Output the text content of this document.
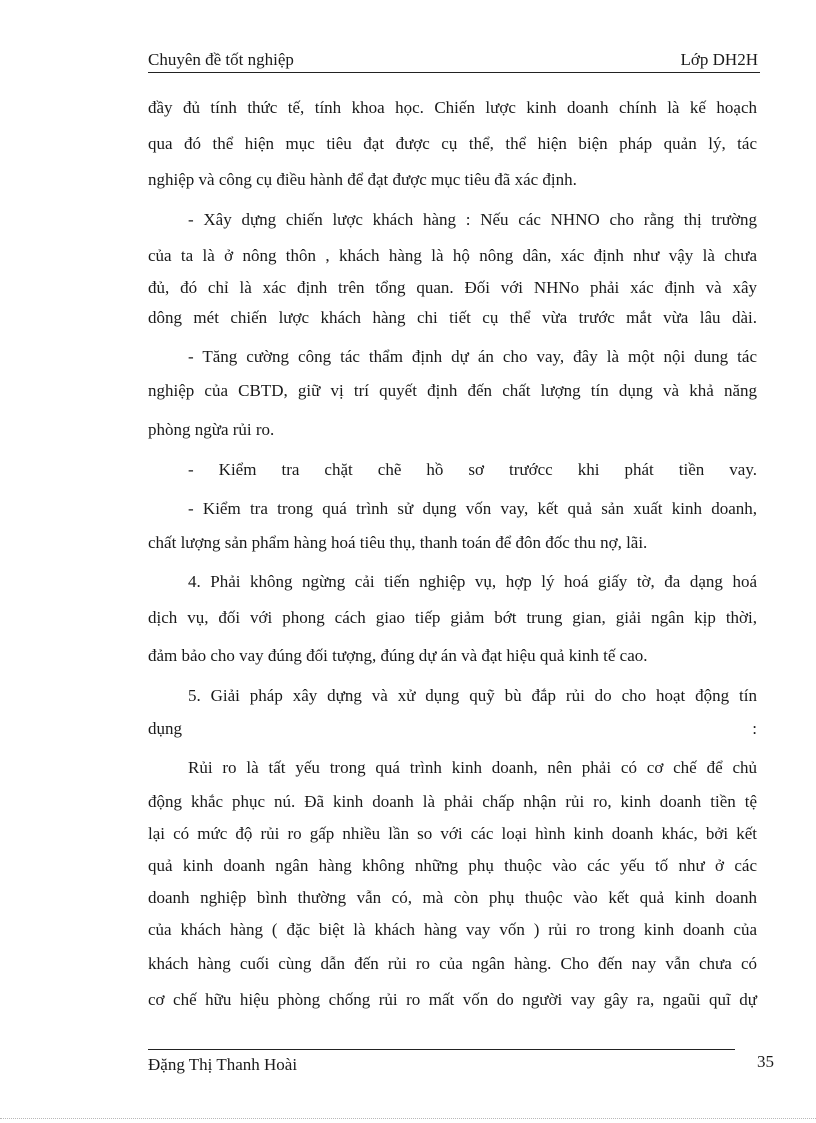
Chuyên đề tốt nghiệp	Lớp DH2H
đầy đủ tính thức tế, tính khoa học. Chiến lược kinh doanh chính là kế hoạch
qua đó thể hiện mục tiêu đạt được cụ thể, thể hiện biện pháp quản lý, tác
nghiệp và công cụ điều hành để đạt được mục tiêu đã xác định.
- Xây dựng chiến lược khách hàng : Nếu các NHNO cho rằng thị trường
của ta là ở nông thôn , khách hàng là hộ nông dân, xác định như vậy là chưa
đủ, đó chỉ là xác định trên tổng quan. Đối với NHNo phải xác định và xây
dông mét chiến lược khách hàng chi tiết cụ thể vừa trước mắt vừa lâu dài.
- Tăng cường công tác thẩm định dự án cho vay, đây là một nội dung tác
nghiệp của CBTD, giữ vị trí quyết định đến chất lượng tín dụng và khả năng
phòng ngừa rủi ro.
- Kiểm tra chặt chẽ hồ sơ trướcc khi phát tiền vay.
- Kiểm tra trong quá trình sử dụng vốn vay, kết quả sản xuất kinh doanh,
chất lượng sản phẩm hàng hoá tiêu thụ, thanh toán để đôn đốc thu nợ, lãi.
4. Phải không ngừng cải tiến nghiệp vụ, hợp lý hoá giấy tờ, đa dạng hoá
dịch vụ, đối với phong cách giao tiếp giảm bớt trung gian, giải ngân kịp thời,
đảm bảo cho vay đúng đối tượng, đúng dự án và đạt hiệu quả kinh tế cao.
5. Giải pháp xây dựng và xử dụng quỹ bù đắp rủi do cho hoạt động tín
dụng :
Rủi ro là tất yếu trong quá trình kinh doanh, nên phải có cơ chế để chủ
động khắc phục nú. Đã kinh doanh là phải chấp nhận rủi ro, kinh doanh tiền tệ
lại có mức độ rủi ro gấp nhiều lần so với các loại hình kinh doanh khác, bởi kết
quả kinh doanh ngân hàng không những phụ thuộc vào các yếu tố như ở các
doanh nghiệp bình thường vẫn có, mà còn phụ thuộc vào kết quả kinh doanh
của khách hàng ( đặc biệt là khách hàng vay vốn ) rủi ro trong kinh doanh của
khách hàng cuối cùng dẫn đến rủi ro của ngân hàng. Cho đến nay vẫn chưa có
cơ chế hữu hiệu phòng chống rủi ro mất vốn do người vay gây ra, ngaũi quĩ dự
Đặng Thị Thanh Hoài	35
